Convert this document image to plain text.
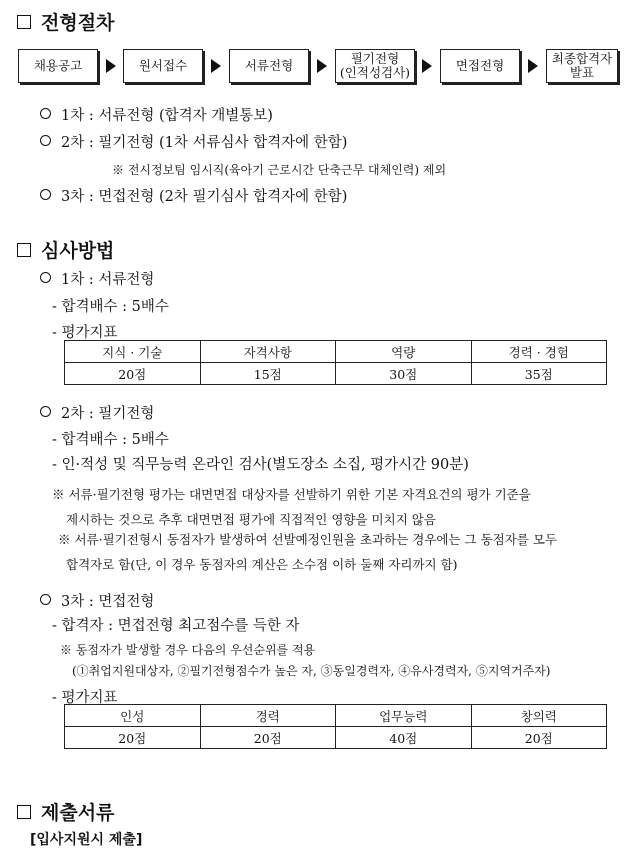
전형절차
채용공고	원서접수	서류전형	필기전형
(인적성검사)	면접전형	최종합격자
발표
1차 : 서류전형 (합격자 개별통보)
2차 : 필기전형 (1차 서류심사 합격자에 한함)
※ 전시정보팀 임시직(육아기 근로시간 단축근무 대체인력) 제외
3차 : 면접전형 (2차 필기심사 합격자에 한함)
심사방법
1차 : 서류전형
- 합격배수 : 5배수
- 평가지표
지식 · 기술	자격사항	역량	경력 · 경험
20점	15점	30점	35점
2차 : 필기전형
- 합격배수 : 5배수
- 인·적성 및 직무능력 온라인 검사(별도장소 소집, 평가시간 90분)
※ 서류·필기전형 평가는 대면면접 대상자를 선발하기 위한 기본 자격요건의 평가 기준을
제시하는 것으로 추후 대면면접 평가에 직접적인 영향을 미치지 않음
※ 서류·필기전형시 동점자가 발생하여 선발예정인원을 초과하는 경우에는 그 동점자를 모두
합격자로 함(단, 이 경우 동점자의 계산은 소수점 이하 둘째 자리까지 함)
3차 : 면접전형
- 합격자 : 면접전형 최고점수를 득한 자
※ 동점자가 발생할 경우 다음의 우선순위를 적용
(①취업지원대상자, ②필기전형점수가 높은 자, ③동일경력자, ④유사경력자, ⑤지역거주자)
- 평가지표
인성	경력	업무능력	창의력
20점	20점	40점	20점
제출서류
[입사지원시 제출]
